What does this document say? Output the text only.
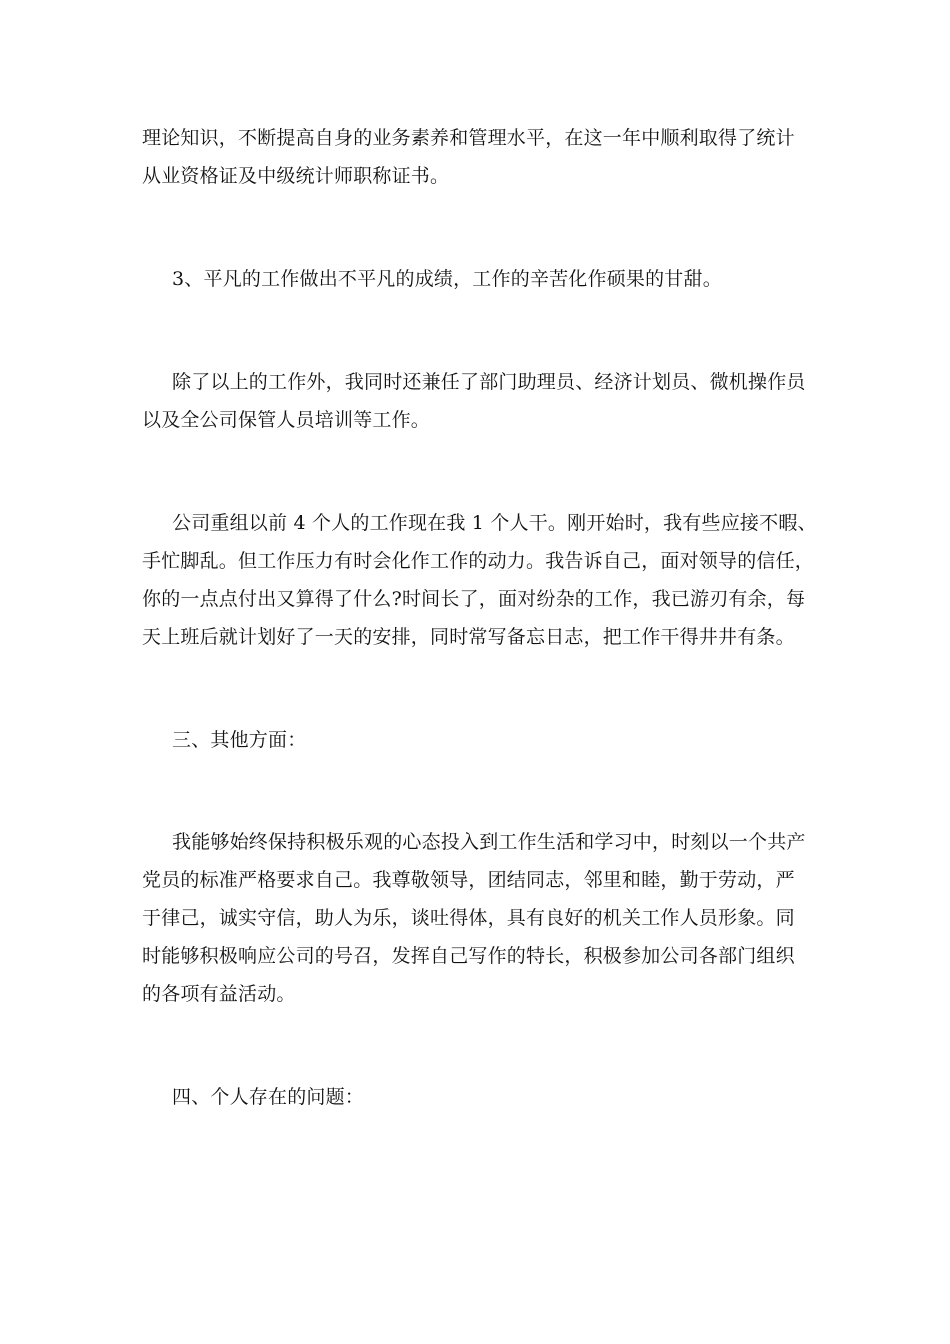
理论知识，不断提高自身的业务素养和管理水平，在这一年中顺利取得了统计
从业资格证及中级统计师职称证书。
3、平凡的工作做出不平凡的成绩，工作的辛苦化作硕果的甘甜。
除了以上的工作外，我同时还兼任了部门助理员、经济计划员、微机操作员
以及全公司保管人员培训等工作。
公司重组以前 4 个人的工作现在我 1 个人干。刚开始时，我有些应接不暇、
手忙脚乱。但工作压力有时会化作工作的动力。我告诉自己，面对领导的信任，
你的一点点付出又算得了什么?时间长了，面对纷杂的工作，我已游刃有余，每
天上班后就计划好了一天的安排，同时常写备忘日志，把工作干得井井有条。
三、其他方面：
我能够始终保持积极乐观的心态投入到工作生活和学习中，时刻以一个共产
党员的标准严格要求自己。我尊敬领导，团结同志，邻里和睦，勤于劳动，严
于律己，诚实守信，助人为乐，谈吐得体，具有良好的机关工作人员形象。同
时能够积极响应公司的号召，发挥自己写作的特长，积极参加公司各部门组织
的各项有益活动。
四、个人存在的问题：
